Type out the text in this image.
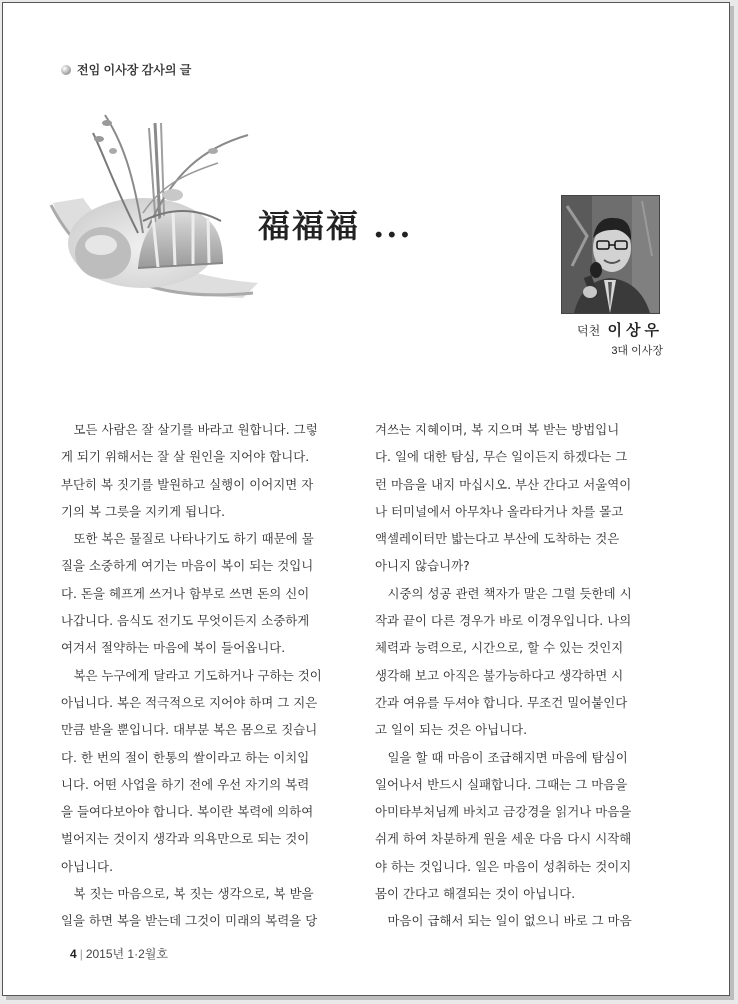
전임 이사장 감사의 글
福福福 ...
덕천 이상우
3대 이사장
　모든 사람은 잘 살기를 바라고 원합니다. 그렇
게 되기 위해서는 잘 살 원인을 지어야 합니다.
부단히 복 짓기를 발원하고 실행이 이어지면 자
기의 복 그릇을 지키게 됩니다.
　또한 복은 물질로 나타나기도 하기 때문에 물
질을 소중하게 여기는 마음이 복이 되는 것입니
다. 돈을 헤프게 쓰거나 함부로 쓰면 돈의 신이
나갑니다. 음식도 전기도 무엇이든지 소중하게
여겨서 절약하는 마음에 복이 들어옵니다.
　복은 누구에게 달라고 기도하거나 구하는 것이
아닙니다. 복은 적극적으로 지어야 하며 그 지은
만큼 받을 뿐입니다. 대부분 복은 몸으로 짓습니
다. 한 번의 절이 한통의 쌀이라고 하는 이치입
니다. 어떤 사업을 하기 전에 우선 자기의 복력
을 들여다보아야 합니다. 복이란 복력에 의하여
벌어지는 것이지 생각과 의욕만으로 되는 것이
아닙니다.
　복 짓는 마음으로, 복 짓는 생각으로, 복 받을
일을 하면 복을 받는데 그것이 미래의 복력을 당
겨쓰는 지혜이며, 복 지으며 복 받는 방법입니
다. 일에 대한 탐심, 무슨 일이든지 하겠다는 그
런 마음을 내지 마십시오. 부산 간다고 서울역이
나 터미널에서 아무차나 올라타거나 차를 몰고
액셀레이터만 밟는다고 부산에 도착하는 것은
아니지 않습니까?
　시중의 성공 관련 책자가 말은 그럴 듯한데 시
작과 끝이 다른 경우가 바로 이경우입니다. 나의
체력과 능력으로, 시간으로, 할 수 있는 것인지
생각해 보고 아직은 불가능하다고 생각하면 시
간과 여유를 두셔야 합니다. 무조건 밀어붙인다
고 일이 되는 것은 아닙니다.
　일을 할 때 마음이 조급해지면 마음에 탐심이
일어나서 반드시 실패합니다. 그때는 그 마음을
아미타부처님께 바치고 금강경을 읽거나 마음을
쉬게 하여 차분하게 원을 세운 다음 다시 시작해
야 하는 것입니다. 일은 마음이 성취하는 것이지
몸이 간다고 해결되는 것이 아닙니다.
　마음이 급해서 되는 일이 없으니 바로 그 마음
4 | 2015년 1·2월호
